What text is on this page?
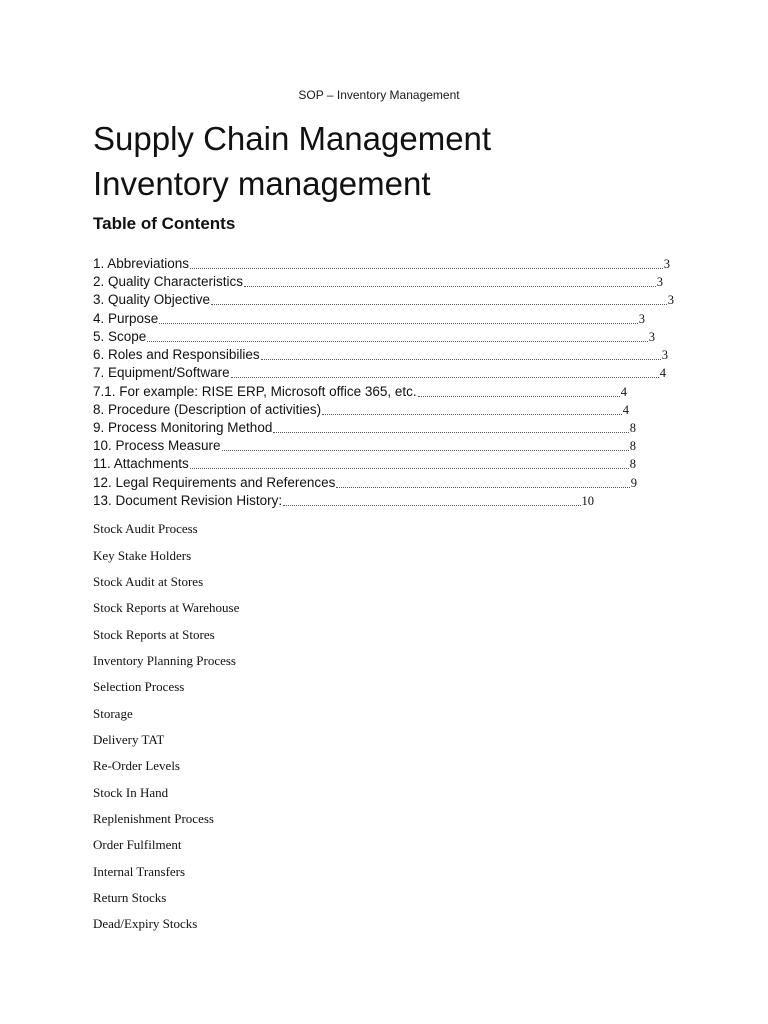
SOP – Inventory Management
Supply Chain Management
Inventory management
Table of Contents
1. Abbreviations	3
2. Quality Characteristics	3
3. Quality Objective	3
4. Purpose	3
5. Scope	3
6. Roles and Responsibilies	3
7. Equipment/Software	4
7.1. For example: RISE ERP, Microsoft office 365, etc.	4
8. Procedure (Description of activities)	4
9. Process Monitoring Method	8
10. Process Measure	8
11. Attachments	8
12. Legal Requirements and References	9
13. Document Revision History:	10
Stock Audit Process
Key Stake Holders
Stock Audit at Stores
Stock Reports at Warehouse
Stock Reports at Stores
Inventory Planning Process
Selection Process
Storage
Delivery TAT
Re-Order Levels
Stock In Hand
Replenishment Process
Order Fulfilment
Internal Transfers
Return Stocks
Dead/Expiry Stocks
